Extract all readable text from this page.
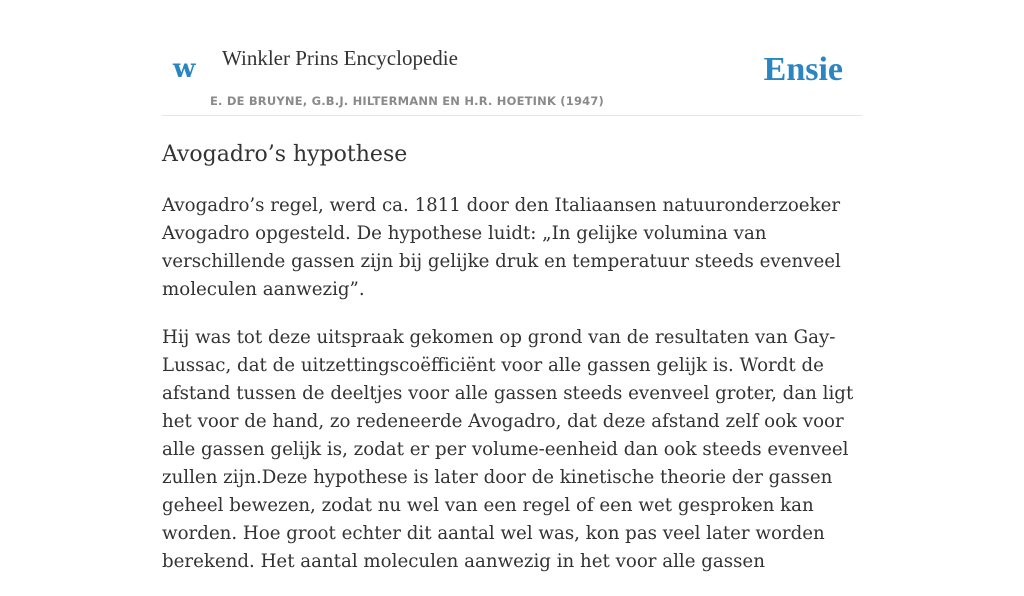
w Winkler Prins Encyclopedie
E. DE BRUYNE, G.B.J. HILTERMANN EN H.R. HOETINK (1947)
Ensie
Avogadro’s hypothese

Avogadro’s regel, werd ca. 1811 door den Italiaansen natuuronderzoeker Avogadro opgesteld. De hypothese luidt: „In gelijke volumina van verschillende gassen zijn bij gelijke druk en temperatuur steeds evenveel moleculen aanwezig”.

Hij was tot deze uitspraak gekomen op grond van de resultaten van Gay-Lussac, dat de uitzettingscoëfficiënt voor alle gassen gelijk is. Wordt de afstand tussen de deeltjes voor alle gassen steeds evenveel groter, dan ligt het voor de hand, zo redeneerde Avogadro, dat deze afstand zelf ook voor alle gassen gelijk is, zodat er per volume-eenheid dan ook steeds evenveel zullen zijn.Deze hypothese is later door de kinetische theorie der gassen geheel bewezen, zodat nu wel van een regel of een wet gesproken kan worden. Hoe groot echter dit aantal wel was, kon pas veel later worden berekend. Het aantal moleculen aanwezig in het voor alle gassen
